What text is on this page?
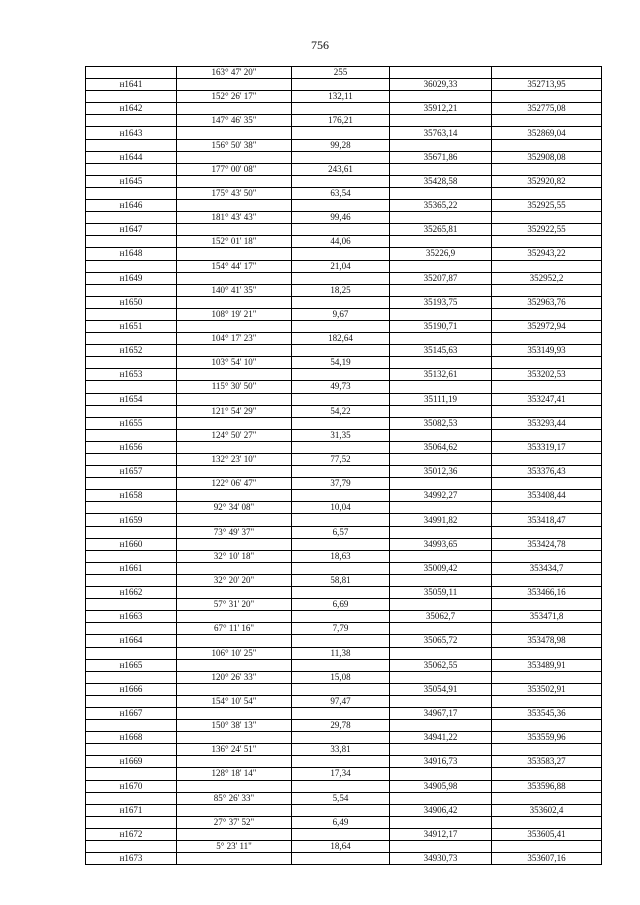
756
	163° 47' 20"	255		
н1641			36029,33	352713,95
	152° 26' 17"	132,11		
н1642			35912,21	352775,08
	147° 46' 35"	176,21		
н1643			35763,14	352869,04
	156° 50' 38"	99,28		
н1644			35671,86	352908,08
	177° 00' 08"	243,61		
н1645			35428,58	352920,82
	175° 43' 50"	63,54		
н1646			35365,22	352925,55
	181° 43' 43"	99,46		
н1647			35265,81	352922,55
	152° 01' 18"	44,06		
н1648			35226,9	352943,22
	154° 44' 17"	21,04		
н1649			35207,87	352952,2
	140° 41' 35"	18,25		
н1650			35193,75	352963,76
	108° 19' 21"	9,67		
н1651			35190,71	352972,94
	104° 17' 23"	182,64		
н1652			35145,63	353149,93
	103° 54' 10"	54,19		
н1653			35132,61	353202,53
	115° 30' 50"	49,73		
н1654			35111,19	353247,41
	121° 54' 29"	54,22		
н1655			35082,53	353293,44
	124° 50' 27"	31,35		
н1656			35064,62	353319,17
	132° 23' 10"	77,52		
н1657			35012,36	353376,43
	122° 06' 47"	37,79		
н1658			34992,27	353408,44
	92° 34' 08"	10,04		
н1659			34991,82	353418,47
	73° 49' 37"	6,57		
н1660			34993,65	353424,78
	32° 10' 18"	18,63		
н1661			35009,42	353434,7
	32° 20' 20"	58,81		
н1662			35059,11	353466,16
	57° 31' 20"	6,69		
н1663			35062,7	353471,8
	67° 11' 16"	7,79		
н1664			35065,72	353478,98
	106° 10' 25"	11,38		
н1665			35062,55	353489,91
	120° 26' 33"	15,08		
н1666			35054,91	353502,91
	154° 10' 54"	97,47		
н1667			34967,17	353545,36
	150° 38' 13"	29,78		
н1668			34941,22	353559,96
	136° 24' 51"	33,81		
н1669			34916,73	353583,27
	128° 18' 14"	17,34		
н1670			34905,98	353596,88
	85° 26' 33"	5,54		
н1671			34906,42	353602,4
	27° 37' 52"	6,49		
н1672			34912,17	353605,41
	5° 23' 11"	18,64		
н1673			34930,73	353607,16
